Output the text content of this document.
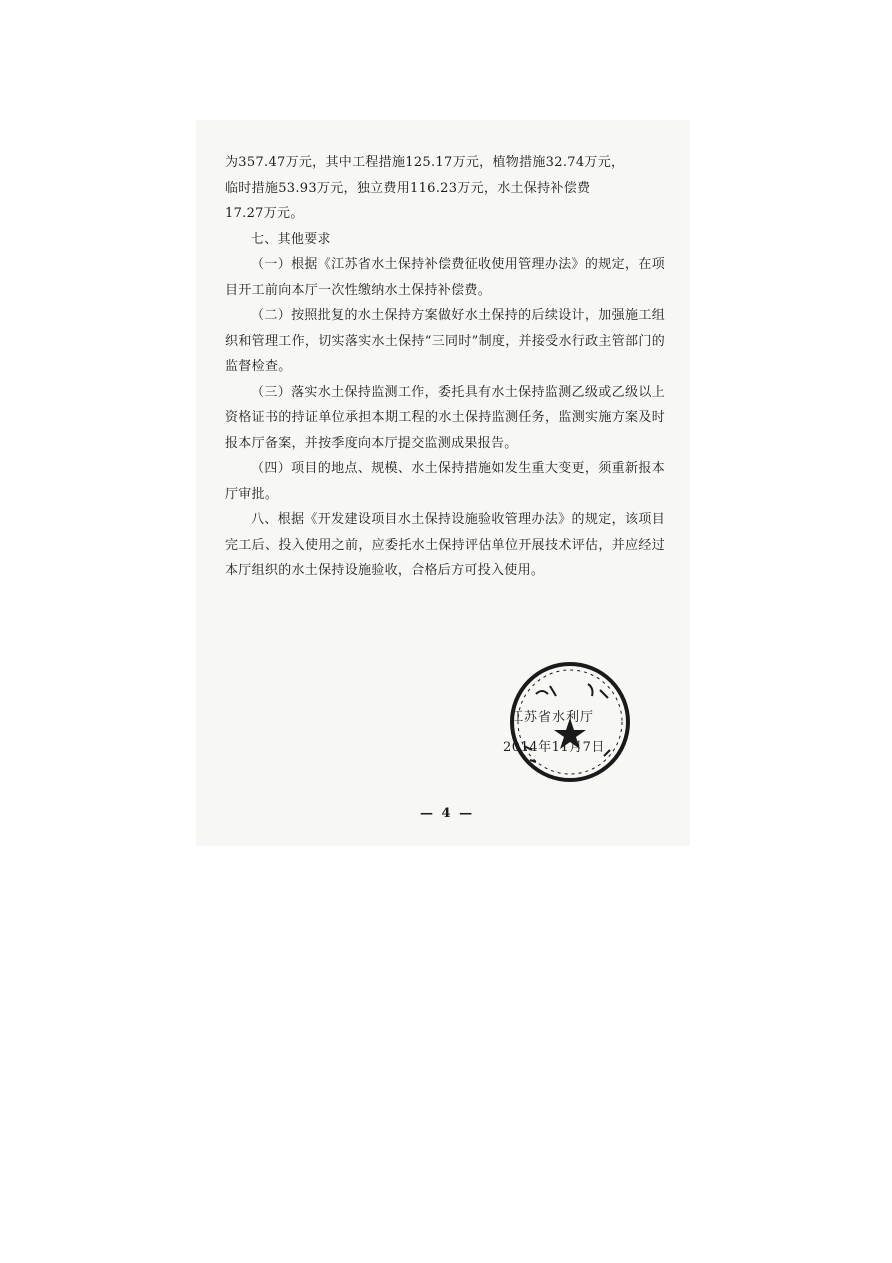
为357.47万元，其中工程措施125.17万元，植物措施32.74万元，

临时措施53.93万元，独立费用116.23万元，水土保持补偿费

17.27万元。

七、其他要求

（一）根据《江苏省水土保持补偿费征收使用管理办法》的规定，在项目开工前向本厅一次性缴纳水土保持补偿费。

（二）按照批复的水土保持方案做好水土保持的后续设计，加强施工组织和管理工作，切实落实水土保持“三同时”制度，并接受水行政主管部门的监督检查。

（三）落实水土保持监测工作，委托具有水土保持监测乙级或乙级以上资格证书的持证单位承担本期工程的水土保持监测任务，监测实施方案及时报本厅备案，并按季度向本厅提交监测成果报告。

（四）项目的地点、规模、水土保持措施如发生重大变更，须重新报本厅审批。

八、根据《开发建设项目水土保持设施验收管理办法》的规定，该项目完工后、投入使用之前，应委托水土保持评估单位开展技术评估，并应经过本厅组织的水土保持设施验收，合格后方可投入使用。

江苏省水利厅
2014年11月7日
— 4 —
